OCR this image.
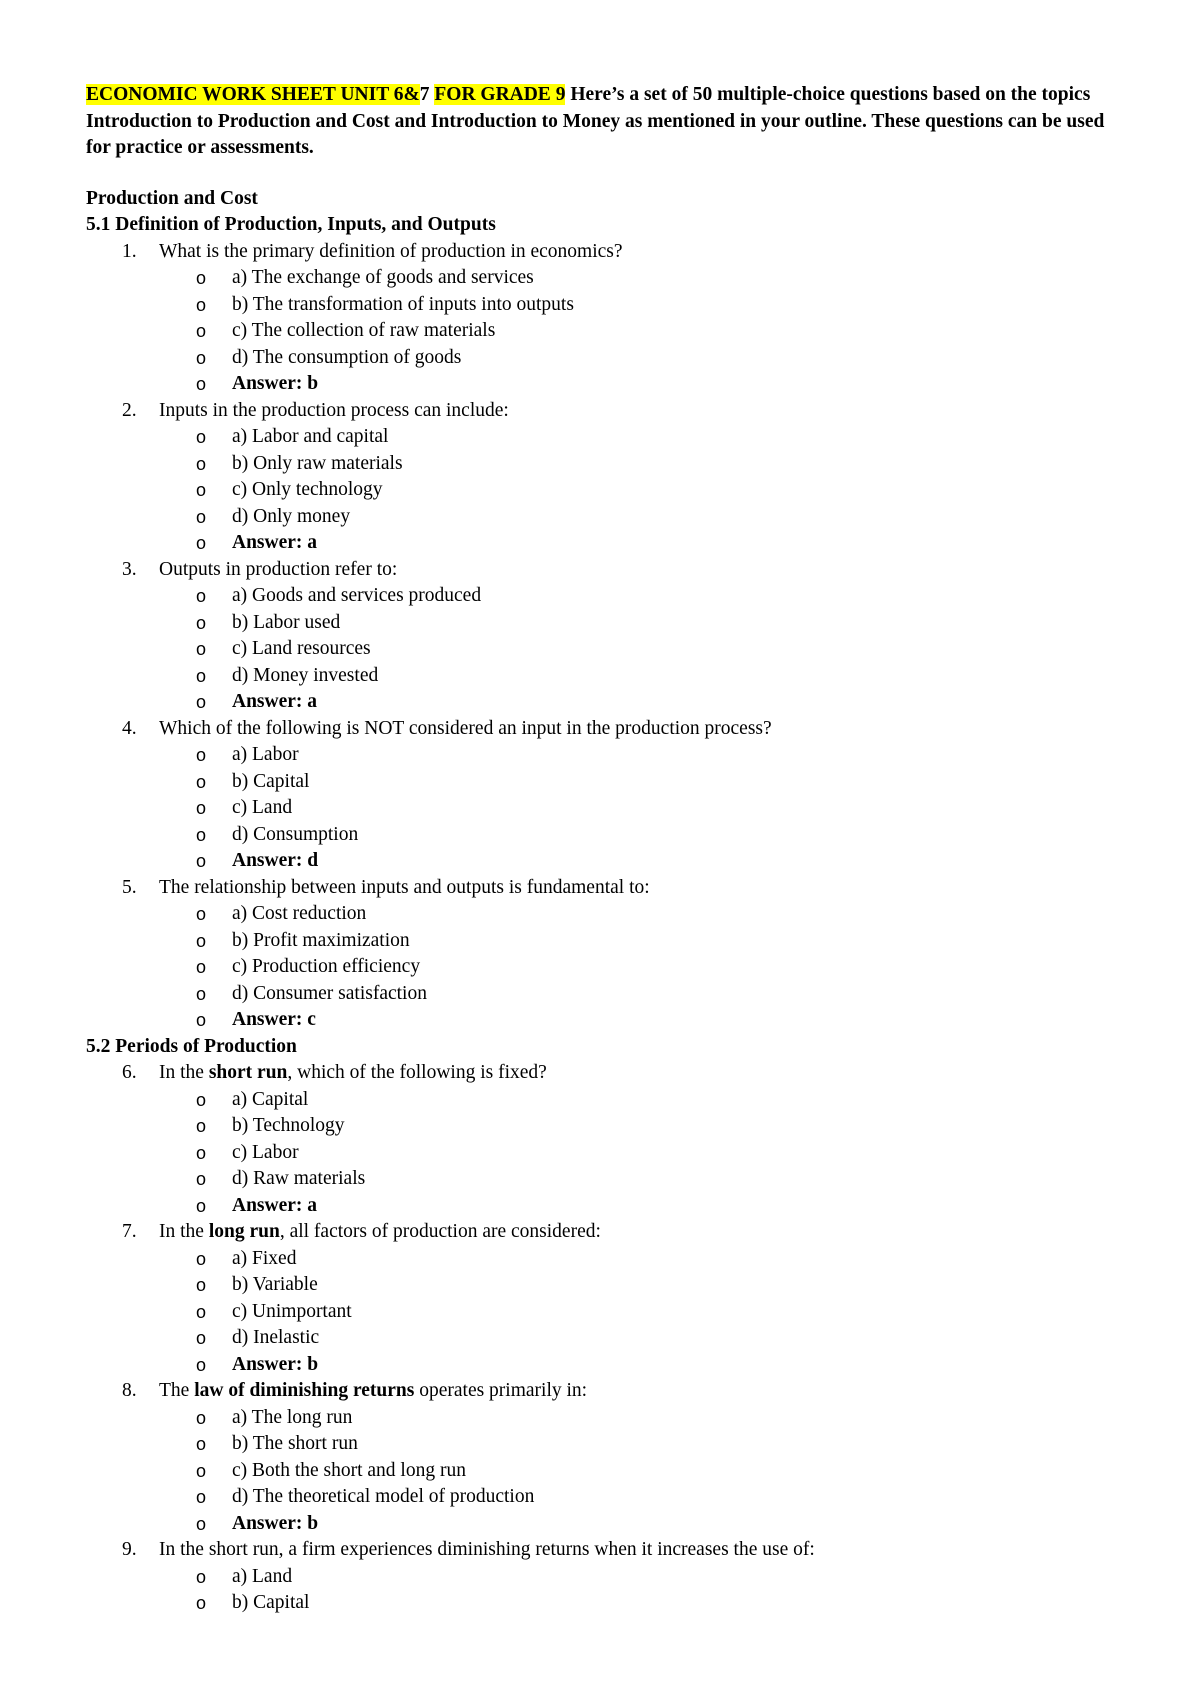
ECONOMIC WORK SHEET UNIT 6&7 FOR GRADE 9 Here’s a set of 50 multiple-choice questions based on the topics Introduction to Production and Cost and Introduction to Money as mentioned in your outline. These questions can be used for practice or assessments.

Production and Cost

5.1 Definition of Production, Inputs, and Outputs

1. What is the primary definition of production in economics?

o a) The exchange of goods and services

o b) The transformation of inputs into outputs

o c) The collection of raw materials

o d) The consumption of goods

o Answer: b

2. Inputs in the production process can include:

o a) Labor and capital

o b) Only raw materials

o c) Only technology

o d) Only money

o Answer: a

3. Outputs in production refer to:

o a) Goods and services produced

o b) Labor used

o c) Land resources

o d) Money invested

o Answer: a

4. Which of the following is NOT considered an input in the production process?

o a) Labor

o b) Capital

o c) Land

o d) Consumption

o Answer: d

5. The relationship between inputs and outputs is fundamental to:

o a) Cost reduction

o b) Profit maximization

o c) Production efficiency

o d) Consumer satisfaction

o Answer: c

5.2 Periods of Production

6. In the short run, which of the following is fixed?

o a) Capital

o b) Technology

o c) Labor

o d) Raw materials

o Answer: a

7. In the long run, all factors of production are considered:

o a) Fixed

o b) Variable

o c) Unimportant

o d) Inelastic

o Answer: b

8. The law of diminishing returns operates primarily in:

o a) The long run

o b) The short run

o c) Both the short and long run

o d) The theoretical model of production

o Answer: b

9. In the short run, a firm experiences diminishing returns when it increases the use of:

o a) Land

o b) Capital
